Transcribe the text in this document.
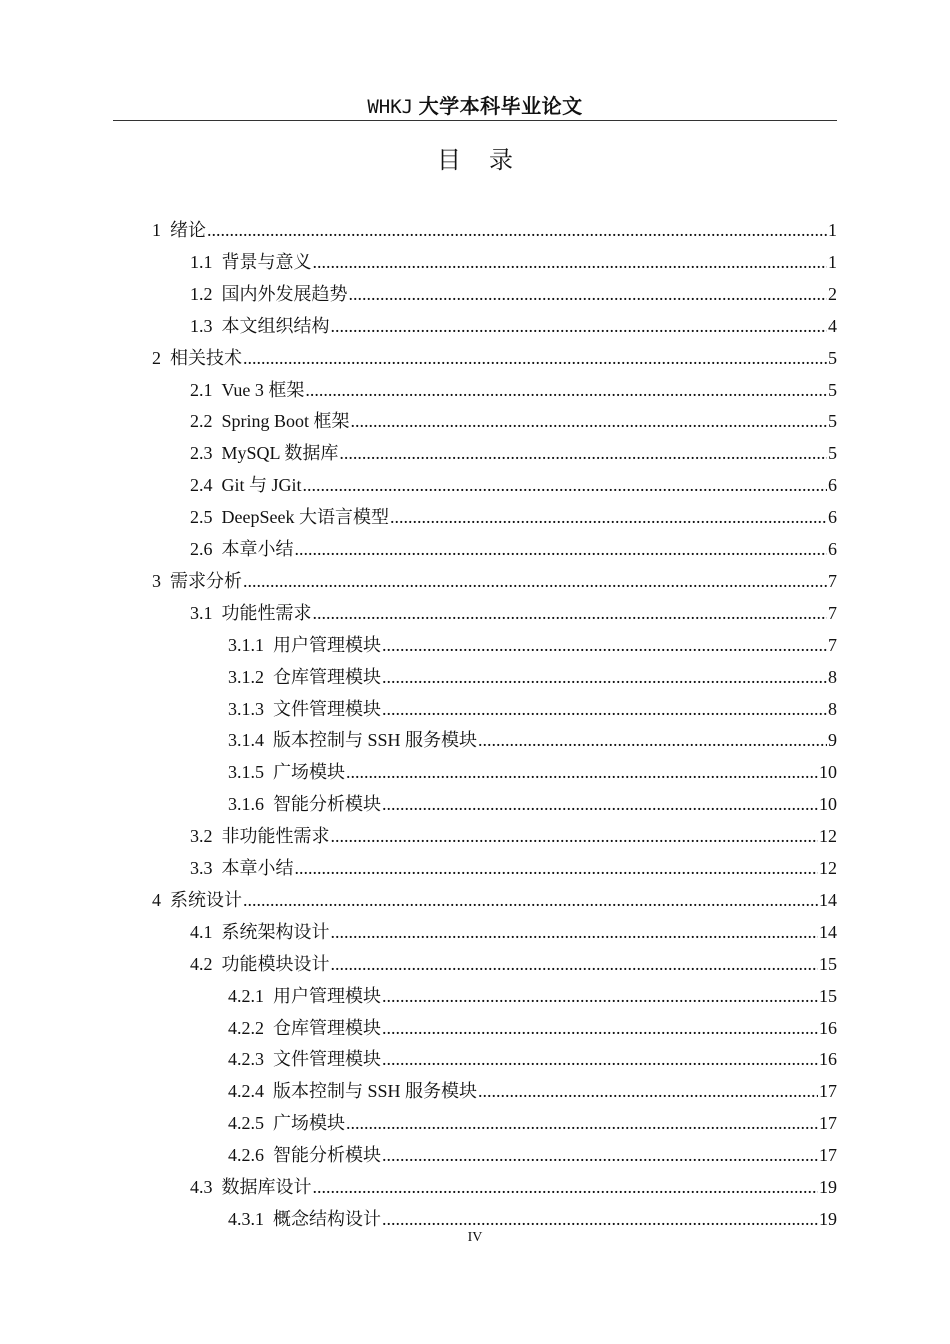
WHKJ 大学本科毕业论文
目录
1 绪论 .....	1
1.1 背景与意义 .....	1
1.2 国内外发展趋势 .....	2
1.3 本文组织结构 .....	4
2 相关技术 .....	5
2.1 Vue 3 框架 .....	5
2.2 Spring Boot 框架 .....	5
2.3 MySQL 数据库 .....	5
2.4 Git 与 JGit .....	6
2.5 DeepSeek 大语言模型 .....	6
2.6 本章小结 .....	6
3 需求分析 .....	7
3.1 功能性需求 .....	7
3.1.1 用户管理模块 .....	7
3.1.2 仓库管理模块 .....	8
3.1.3 文件管理模块 .....	8
3.1.4 版本控制与 SSH 服务模块 .....	9
3.1.5 广场模块 .....	10
3.1.6 智能分析模块 .....	10
3.2 非功能性需求 .....	12
3.3 本章小结 .....	12
4 系统设计 .....	14
4.1 系统架构设计 .....	14
4.2 功能模块设计 .....	15
4.2.1 用户管理模块 .....	15
4.2.2 仓库管理模块 .....	16
4.2.3 文件管理模块 .....	16
4.2.4 版本控制与 SSH 服务模块 .....	17
4.2.5 广场模块 .....	17
4.2.6 智能分析模块 .....	17
4.3 数据库设计 .....	19
4.3.1 概念结构设计 .....	19
IV
